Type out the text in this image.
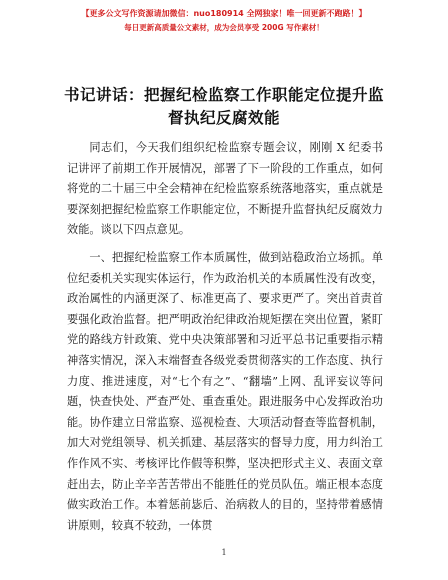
【更多公文写作资源请加微信：nuo180914 全网独家！唯一回更新不跑路！】
每日更新高质量公文素材，成为会员享受 200G 写作素材！
书记讲话：把握纪检监察工作职能定位提升监督执纪反腐效能

同志们，今天我们组织纪检监察专题会议，刚刚 X 纪委书记讲评了前期工作开展情况，部署了下一阶段的工作重点，如何将党的二十届三中全会精神在纪检监察系统落地落实，重点就是要深刻把握纪检监察工作职能定位，不断提升监督执纪反腐效力效能。谈以下四点意见。

一、把握纪检监察工作本质属性，做到站稳政治立场抓。单位纪委机关实现实体运行，作为政治机关的本质属性没有改变，政治属性的内涵更深了、标准更高了、要求更严了。突出首责首要强化政治监督。把严明政治纪律政治规矩摆在突出位置，紧盯党的路线方针政策、党中央决策部署和习近平总书记重要指示精神落实情况，深入末端督查各级党委贯彻落实的工作态度、执行力度、推进速度，对“七个有之”、“翻墙”上网、乱评妄议等问题，快查快处、严查严处、重查重处。跟进服务中心发挥政治功能。协作建立日常监察、巡视检查、大项活动督查等监督机制，加大对党组领导、机关抓建、基层落实的督导力度，用力纠治工作作风不实、考核评比作假等积弊，坚决把形式主义、表面文章赶出去，防止辛辛苦苦带出不能胜任的党员队伍。端正根本态度做实政治工作。本着惩前毖后、治病救人的目的，坚持带着感情讲原则，较真不较劲，一体贯

1
